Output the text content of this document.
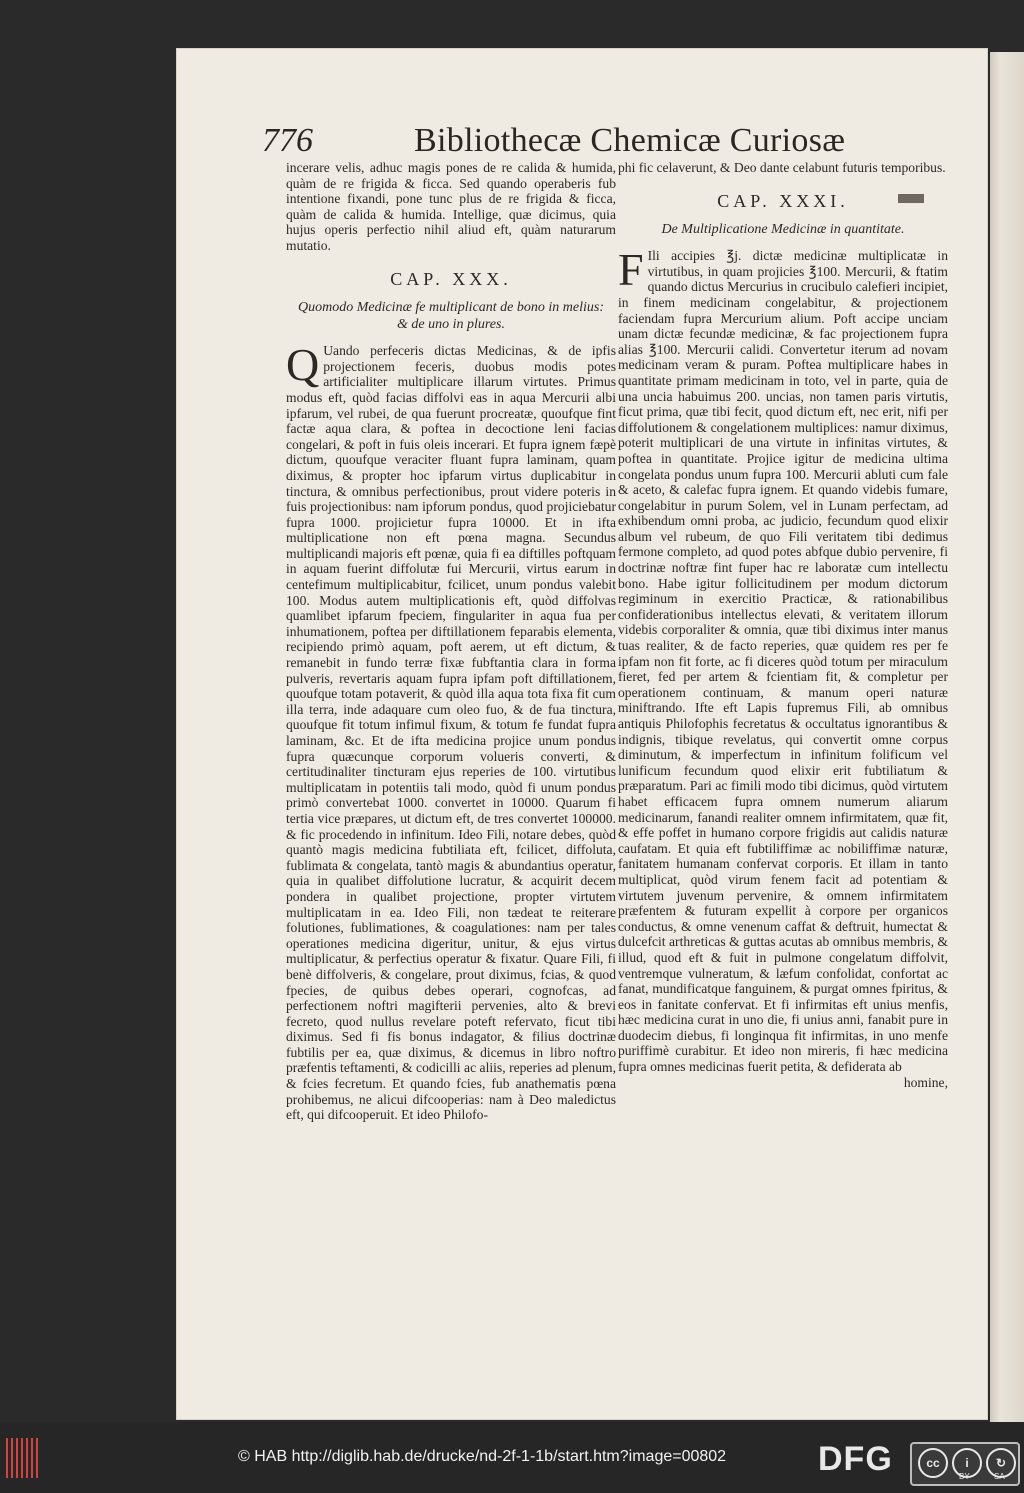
776	Bibliothecæ Chemicæ Curiosæ

incerare velis, adhuc magis pones de re calida & humida, quàm de re frigida & ficca. Sed quando operaberis fub intentione fixandi, pone tunc plus de re frigida & ficca, quàm de calida & humida. Intellige, quæ dicimus, quia hujus operis perfectio nihil aliud eft, quàm naturarum mutatio.

CAP. XXX.
Quomodo Medicinæ fe multiplicant de bono in melius: & de uno in plures.

Q Uando perfeceris dictas Medicinas, & de ipfis projectionem feceris, duobus modis potes artificialiter multiplicare illarum virtutes. Primus modus eft, quòd facias diffolvi eas in aqua Mercurii albi ipfarum, vel rubei, de qua fuerunt procreatæ, quoufque fint factæ aqua clara, & poftea in decoctione leni facias congelari, & poft in fuis oleis incerari. Et fupra ignem fæpè dictum, quoufque veraciter fluant fupra laminam, quam diximus, & propter hoc ipfarum virtus duplicabitur in tinctura, & omnibus perfectionibus, prout videre poteris in fuis projectionibus: nam ipforum pondus, quod projiciebatur fupra 1000. projicietur fupra 10000. Et in ifta multiplicatione non eft pœna magna. Secundus multiplicandi majoris eft pœnæ, quia fi ea diftilles poftquam in aquam fuerint diffolutæ fui Mercurii, virtus earum in centefimum multiplicabitur, fcilicet, unum pondus valebit 100. Modus autem multiplicationis eft, quòd diffolvas quamlibet ipfarum fpeciem, fingulariter in aqua fua per inhumationem, poftea per diftillationem feparabis elementa, recipiendo primò aquam, poft aerem, ut eft dictum, & remanebit in fundo terræ fixæ fubftantia clara in forma pulveris, revertaris aquam fupra ipfam poft diftillationem, quoufque totam potaverit, & quòd illa aqua tota fixa fit cum illa terra, inde adaquare cum oleo fuo, & de fua tinctura, quoufque fit totum infimul fixum, & totum fe fundat fupra laminam, &c. Et de ifta medicina projice unum pondus fupra quæcunque corporum volueris converti, & certitudinaliter tincturam ejus reperies de 100. virtutibus multiplicatam in potentiis tali modo, quòd fi unum pondus primò convertebat 1000. convertet in 10000. Quarum fi tertia vice præpares, ut dictum eft, de tres convertet 100000. & fic procedendo in infinitum. Ideo Fili, notare debes, quòd quantò magis medicina fubtiliata eft, fcilicet, diffoluta, fublimata & congelata, tantò magis & abundantius operatur, quia in qualibet diffolutione lucratur, & acquirit decem pondera in qualibet projectione, propter virtutem multiplicatam in ea. Ideo Fili, non tædeat te reiterare folutiones, fublimationes, & coagulationes: nam per tales operationes medicina digeritur, unitur, & ejus virtus multiplicatur, & perfectius operatur & fixatur. Quare Fili, fi benè diffolveris, & congelare, prout diximus, fcias, & quod fpecies, de quibus debes operari, cognofcas, ad perfectionem noftri magifterii pervenies, alto & brevi fecreto, quod nullus revelare poteft refervato, ficut tibi diximus. Sed fi fis bonus indagator, & filius doctrinæ fubtilis per ea, quæ diximus, & dicemus in libro noftro præfentis teftamenti, & codicilli ac aliis, reperies ad plenum, & fcies fecretum. Et quando fcies, fub anathematis pœna prohibemus, ne alicui difcooperias: nam à Deo maledictus eft, qui difcooperuit. Et ideo Philofo-

phi fic celaverunt, & Deo dante celabunt futuris temporibus.

CAP. XXXI.
De Multiplicatione Medicinæ in quantitate.

F Ili accipies ℥j. dictæ medicinæ multiplicatæ in virtutibus, in quam projicies ℥100. Mercurii, & ftatim quando dictus Mercurius in crucibulo calefieri incipiet, in finem medicinam congelabitur, & projectionem faciendam fupra Mercurium alium. Poft accipe unciam unam dictæ fecundæ medicinæ, & fac projectionem fupra alias ℥100. Mercurii calidi. Convertetur iterum ad novam medicinam veram & puram. Poftea multiplicare habes in quantitate primam medicinam in toto, vel in parte, quia de una uncia habuimus 200. uncias, non tamen paris virtutis, ficut prima, quæ tibi fecit, quod dictum eft, nec erit, nifi per diffolutionem & congelationem multiplices: namur diximus, poterit multiplicari de una virtute in infinitas virtutes, & poftea in quantitate. Projice igitur de medicina ultima congelata pondus unum fupra 100. Mercurii abluti cum fale & aceto, & calefac fupra ignem. Et quando videbis fumare, congelabitur in purum Solem, vel in Lunam perfectam, ad exhibendum omni proba, ac judicio, fecundum quod elixir album vel rubeum, de quo Fili veritatem tibi dedimus fermone completo, ad quod potes abfque dubio pervenire, fi doctrinæ noftræ fint fuper hac re laboratæ cum intellectu bono. Habe igitur follicitudinem per modum dictorum regiminum in exercitio Practicæ, & rationabilibus confiderationibus intellectus elevati, & veritatem illorum videbis corporaliter & omnia, quæ tibi diximus inter manus tuas realiter, & de facto reperies, quæ quidem res per fe ipfam non fit forte, ac fi diceres quòd totum per miraculum fieret, fed per artem & fcientiam fit, & completur per operationem continuam, & manum operi naturæ miniftrando. Ifte eft Lapis fupremus Fili, ab omnibus antiquis Philofophis fecretatus & occultatus ignorantibus & indignis, tibique revelatus, qui convertit omne corpus diminutum, & imperfectum in infinitum folificum vel lunificum fecundum quod elixir erit fubtiliatum & præparatum. Pari ac fimili modo tibi dicimus, quòd virtutem habet efficacem fupra omnem numerum aliarum medicinarum, fanandi realiter omnem infirmitatem, quæ fit, & effe poffet in humano corpore frigidis aut calidis naturæ caufatam. Et quia eft fubtiliffimæ ac nobiliffimæ naturæ, fanitatem humanam confervat corporis. Et illam in tanto multiplicat, quòd virum fenem facit ad potentiam & virtutem juvenum pervenire, & omnem infirmitatem præfentem & futuram expellit à corpore per organicos conductus, & omne venenum caffat & deftruit, humectat & dulcefcit arthreticas & guttas acutas ab omnibus membris, & illud, quod eft & fuit in pulmone congelatum diffolvit, ventremque vulneratum, & læfum confolidat, confortat ac fanat, mundificatque fanguinem, & purgat omnes fpiritus, & eos in fanitate confervat. Et fi infirmitas eft unius menfis, hæc medicina curat in uno die, fi unius anni, fanabit pure in duodecim diebus, fi longinqua fit infirmitas, in uno menfe puriffimè curabitur. Et ideo non mireris, fi hæc medicina fupra omnes medicinas fuerit petita, & defiderata ab

homine,

© HAB http://diglib.hab.de/drucke/nd-2f-1-1b/start.htm?image=00802	DFG	cc	i	↻
BY	SA
